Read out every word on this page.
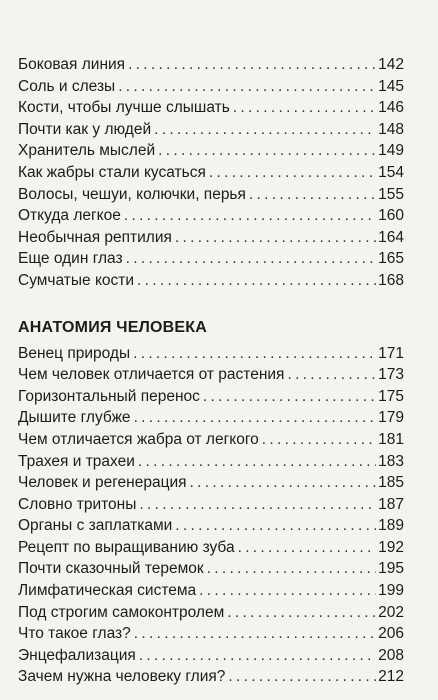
Боковая линия . . .	142
Соль и слезы . . .	145
Кости, чтобы лучше слышать . . .	146
Почти как у людей . . .	148
Хранитель мыслей . . .	149
Как жабры стали кусаться . . .	154
Волосы, чешуи, колючки, перья . . .	155
Откуда легкое . . .	160
Необычная рептилия . . .	164
Еще один глаз . . .	165
Сумчатые кости . . .	168
АНАТОМИЯ ЧЕЛОВЕКА
Венец природы . . .	171
Чем человек отличается от растения . . .	173
Горизонтальный перенос . . .	175
Дышите глубже . . .	179
Чем отличается жабра от легкого . . .	181
Трахея и трахеи . . .	183
Человек и регенерация . . .	185
Словно тритоны . . .	187
Органы с заплатками . . .	189
Рецепт по выращиванию зуба . . .	192
Почти сказочный теремок . . .	195
Лимфатическая система . . .	199
Под строгим самоконтролем . . .	202
Что такое глаз? . . .	206
Энцефализация . . .	208
Зачем нужна человеку глия? . . .	212
